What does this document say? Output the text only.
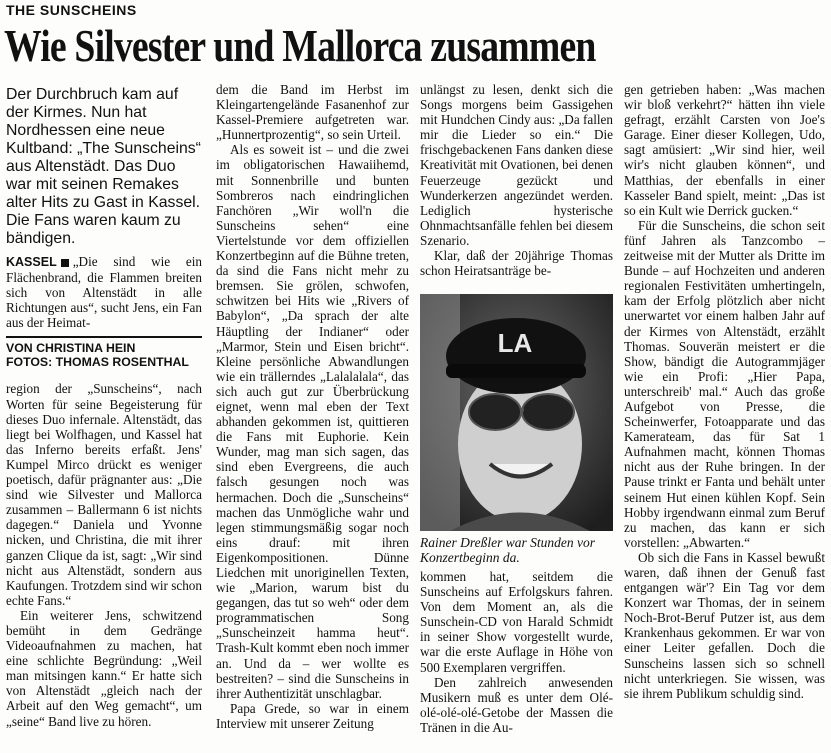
THE SUNSCHEINS
Wie Silvester und Mallorca zusammen

Der Durchbruch kam auf der Kirmes. Nun hat Nordhessen eine neue Kultband: „The Sunscheins“ aus Altenstädt. Das Duo war mit seinen Remakes alter Hits zu Gast in Kassel. Die Fans waren kaum zu bändigen.

KASSEL „Die sind wie ein Flächenbrand, die Flammen breiten sich von Altenstädt in alle Richtungen aus“, sucht Jens, ein Fan aus der Heimat-

VON CHRISTINA HEIN
FOTOS: THOMAS ROSENTHAL

region der „Sunscheins“, nach Worten für seine Begeisterung für dieses Duo infernale. Altenstädt, das liegt bei Wolfhagen, und Kassel hat das Inferno bereits erfaßt. Jens' Kumpel Mirco drückt es weniger poetisch, dafür prägnanter aus: „Die sind wie Silvester und Mallorca zusammen – Ballermann 6 ist nichts dagegen.“ Daniela und Yvonne nicken, und Christina, die mit ihrer ganzen Clique da ist, sagt: „Wir sind nicht aus Altenstädt, sondern aus Kaufungen. Trotzdem sind wir schon echte Fans.“

Ein weiterer Jens, schwitzend bemüht in dem Gedränge Videoaufnahmen zu machen, hat eine schlichte Begründung: „Weil man mitsingen kann.“ Er hatte sich von Altenstädt „gleich nach der Arbeit auf den Weg gemacht“, um „seine“ Band live zu hören.

dem die Band im Herbst im Kleingartengelände Fasanenhof zur Kassel-Premiere aufgetreten war. „Hunnertprozentig“, so sein Urteil.

Als es soweit ist – und die zwei im obligatorischen Hawaiihemd, mit Sonnenbrille und bunten Sombreros nach eindringlichen Fanchören „Wir woll'n die Sunscheins sehen“ eine Viertelstunde vor dem offiziellen Konzertbeginn auf die Bühne treten, da sind die Fans nicht mehr zu bremsen. Sie grölen, schwofen, schwitzen bei Hits wie „Rivers of Babylon“, „Da sprach der alte Häuptling der Indianer“ oder „Marmor, Stein und Eisen bricht“. Kleine persönliche Abwandlungen wie ein trällerndes „Lalalalala“, das sich auch gut zur Überbrückung eignet, wenn mal eben der Text abhanden gekommen ist, quittieren die Fans mit Euphorie. Kein Wunder, mag man sich sagen, das sind eben Evergreens, die auch falsch gesungen noch was hermachen. Doch die „Sunscheins“ machen das Unmögliche wahr und legen stimmungsmäßig sogar noch eins drauf: mit ihren Eigenkompositionen. Dünne Liedchen mit unoriginellen Texten, wie „Marion, warum bist du gegangen, das tut so weh“ oder dem programmatischen Song „Sunscheinzeit hamma heut“. Trash-Kult kommt eben noch immer an. Und da – wer wollte es bestreiten? – sind die Sunscheins in ihrer Authentizität unschlagbar.

Papa Grede, so war in einem Interview mit unserer Zeitung

unlängst zu lesen, denkt sich die Songs morgens beim Gassigehen mit Hundchen Cindy aus: „Da fallen mir die Lieder so ein.“ Die frischgebackenen Fans danken diese Kreativität mit Ovationen, bei denen Feuerzeuge gezückt und Wunderkerzen angezündet werden. Lediglich hysterische Ohnmachtsanfälle fehlen bei diesem Szenario.

Klar, daß der 20jährige Thomas schon Heiratsanträge be-

LA
Rainer Dreßler war Stunden vor Konzertbeginn da.

kommen hat, seitdem die Sunscheins auf Erfolgskurs fahren. Von dem Moment an, als die Sunschein-CD von Harald Schmidt in seiner Show vorgestellt wurde, war die erste Auflage in Höhe von 500 Exemplaren vergriffen.

Den zahlreich anwesenden Musikern muß es unter dem Olé-olé-olé-olé-Getobe der Massen die Tränen in die Au-

gen getrieben haben: „Was machen wir bloß verkehrt?“ hätten ihn viele gefragt, erzählt Carsten von Joe's Garage. Einer dieser Kollegen, Udo, sagt amüsiert: „Wir sind hier, weil wir's nicht glauben können“, und Matthias, der ebenfalls in einer Kasseler Band spielt, meint: „Das ist so ein Kult wie Derrick gucken.“

Für die Sunscheins, die schon seit fünf Jahren als Tanzcombo – zeitweise mit der Mutter als Dritte im Bunde – auf Hochzeiten und anderen regionalen Festivitäten umhertingeln, kam der Erfolg plötzlich aber nicht unerwartet vor einem halben Jahr auf der Kirmes von Altenstädt, erzählt Thomas. Souverän meistert er die Show, bändigt die Autogrammjäger wie ein Profi: „Hier Papa, unterschreib' mal.“ Auch das große Aufgebot von Presse, die Scheinwerfer, Fotoapparate und das Kamerateam, das für Sat 1 Aufnahmen macht, können Thomas nicht aus der Ruhe bringen. In der Pause trinkt er Fanta und behält unter seinem Hut einen kühlen Kopf. Sein Hobby irgendwann einmal zum Beruf zu machen, das kann er sich vorstellen: „Abwarten.“

Ob sich die Fans in Kassel bewußt waren, daß ihnen der Genuß fast entgangen wär'? Ein Tag vor dem Konzert war Thomas, der in seinem Noch-Brot-Beruf Putzer ist, aus dem Krankenhaus gekommen. Er war von einer Leiter gefallen. Doch die Sunscheins lassen sich so schnell nicht unterkriegen. Sie wissen, was sie ihrem Publikum schuldig sind.
